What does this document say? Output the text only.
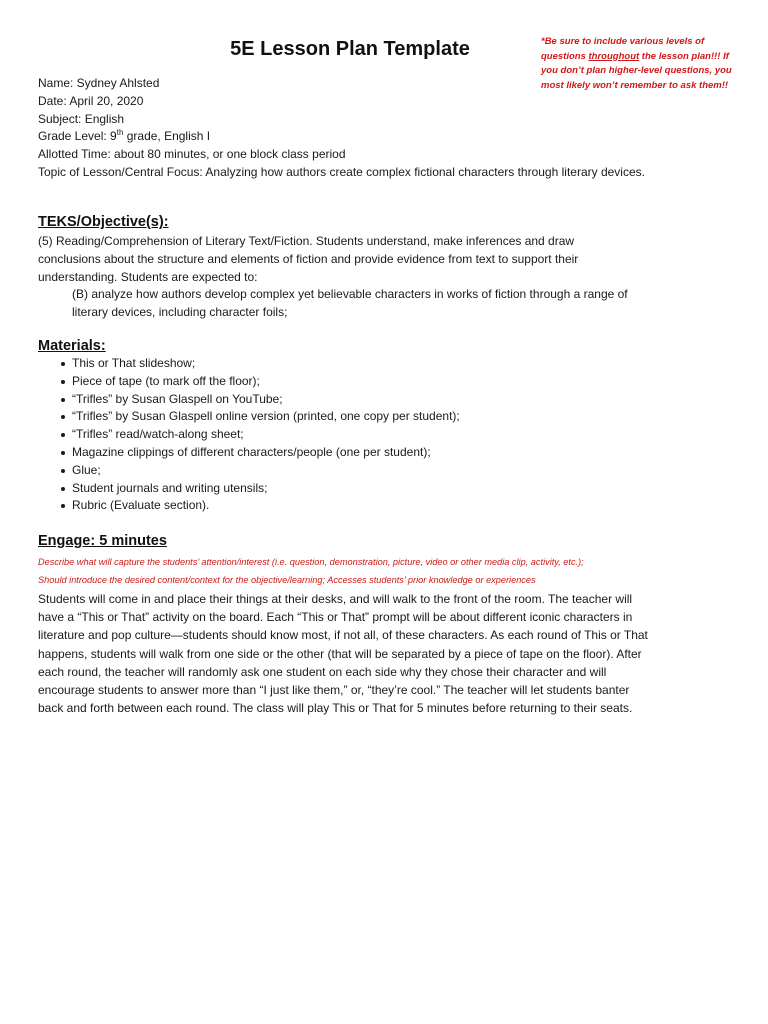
5E Lesson Plan Template	*Be sure to include various levels of questions throughout the lesson plan!!! If you don’t plan higher-level questions, you most likely won’t remember to ask them!!
Name: Sydney Ahlsted
Date: April 20, 2020
Subject: English
Grade Level: 9th grade, English I
Allotted Time: about 80 minutes, or one block class period
Topic of Lesson/Central Focus: Analyzing how authors create complex fictional characters through literary devices.
TEKS/Objective(s):
(5) Reading/Comprehension of Literary Text/Fiction. Students understand, make inferences and draw conclusions about the structure and elements of fiction and provide evidence from text to support their understanding. Students are expected to:
(B) analyze how authors develop complex yet believable characters in works of fiction through a range of literary devices, including character foils;
Materials:
This or That slideshow;
Piece of tape (to mark off the floor);
“Trifles” by Susan Glaspell on YouTube;
“Trifles” by Susan Glaspell online version (printed, one copy per student);
“Trifles” read/watch-along sheet;
Magazine clippings of different characters/people (one per student);
Glue;
Student journals and writing utensils;
Rubric (Evaluate section).
Engage: 5 minutes
Describe what will capture the students’ attention/interest (i.e. question, demonstration, picture, video or other media clip, activity, etc.);
Should introduce the desired content/context for the objective/learning; Accesses students’ prior knowledge or experiences
Students will come in and place their things at their desks, and will walk to the front of the room. The teacher will have a “This or That” activity on the board. Each “This or That” prompt will be about different iconic characters in literature and pop culture—students should know most, if not all, of these characters. As each round of This or That happens, students will walk from one side or the other (that will be separated by a piece of tape on the floor). After each round, the teacher will randomly ask one student on each side why they chose their character and will encourage students to answer more than “I just like them,” or, “they’re cool.” The teacher will let students banter back and forth between each round. The class will play This or That for 5 minutes before returning to their seats.
